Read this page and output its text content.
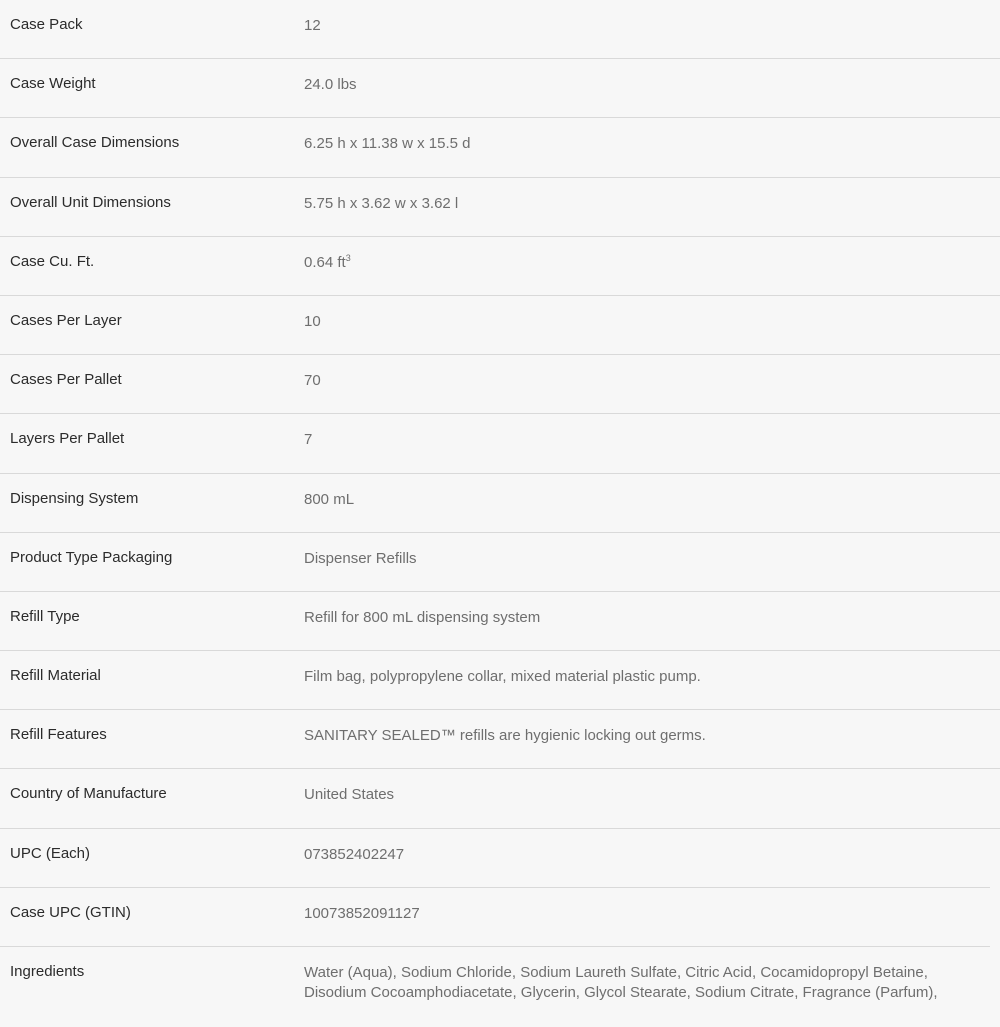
Case Pack	12
Case Weight	24.0 lbs
Overall Case Dimensions	6.25 h x 11.38 w x 15.5 d
Overall Unit Dimensions	5.75 h x 3.62 w x 3.62 l
Case Cu. Ft.	0.64 $ft^3$
Cases Per Layer	10
Cases Per Pallet	70
Layers Per Pallet	7
Dispensing System	800 mL
Product Type Packaging	Dispenser Refills
Refill Type	Refill for 800 mL dispensing system
Refill Material	Film bag, polypropylene collar, mixed material plastic pump.
Refill Features	SANITARY SEALED™ refills are hygienic locking out germs.
Country of Manufacture	United States
UPC (Each)	073852402247
Case UPC (GTIN)	10073852091127
Ingredients	Water (Aqua), Sodium Chloride, Sodium Laureth Sulfate, Citric Acid, Cocamidopropyl Betaine, Disodium Cocoamphodiacetate, Glycerin, Glycol Stearate, Sodium Citrate, Fragrance (Parfum),
